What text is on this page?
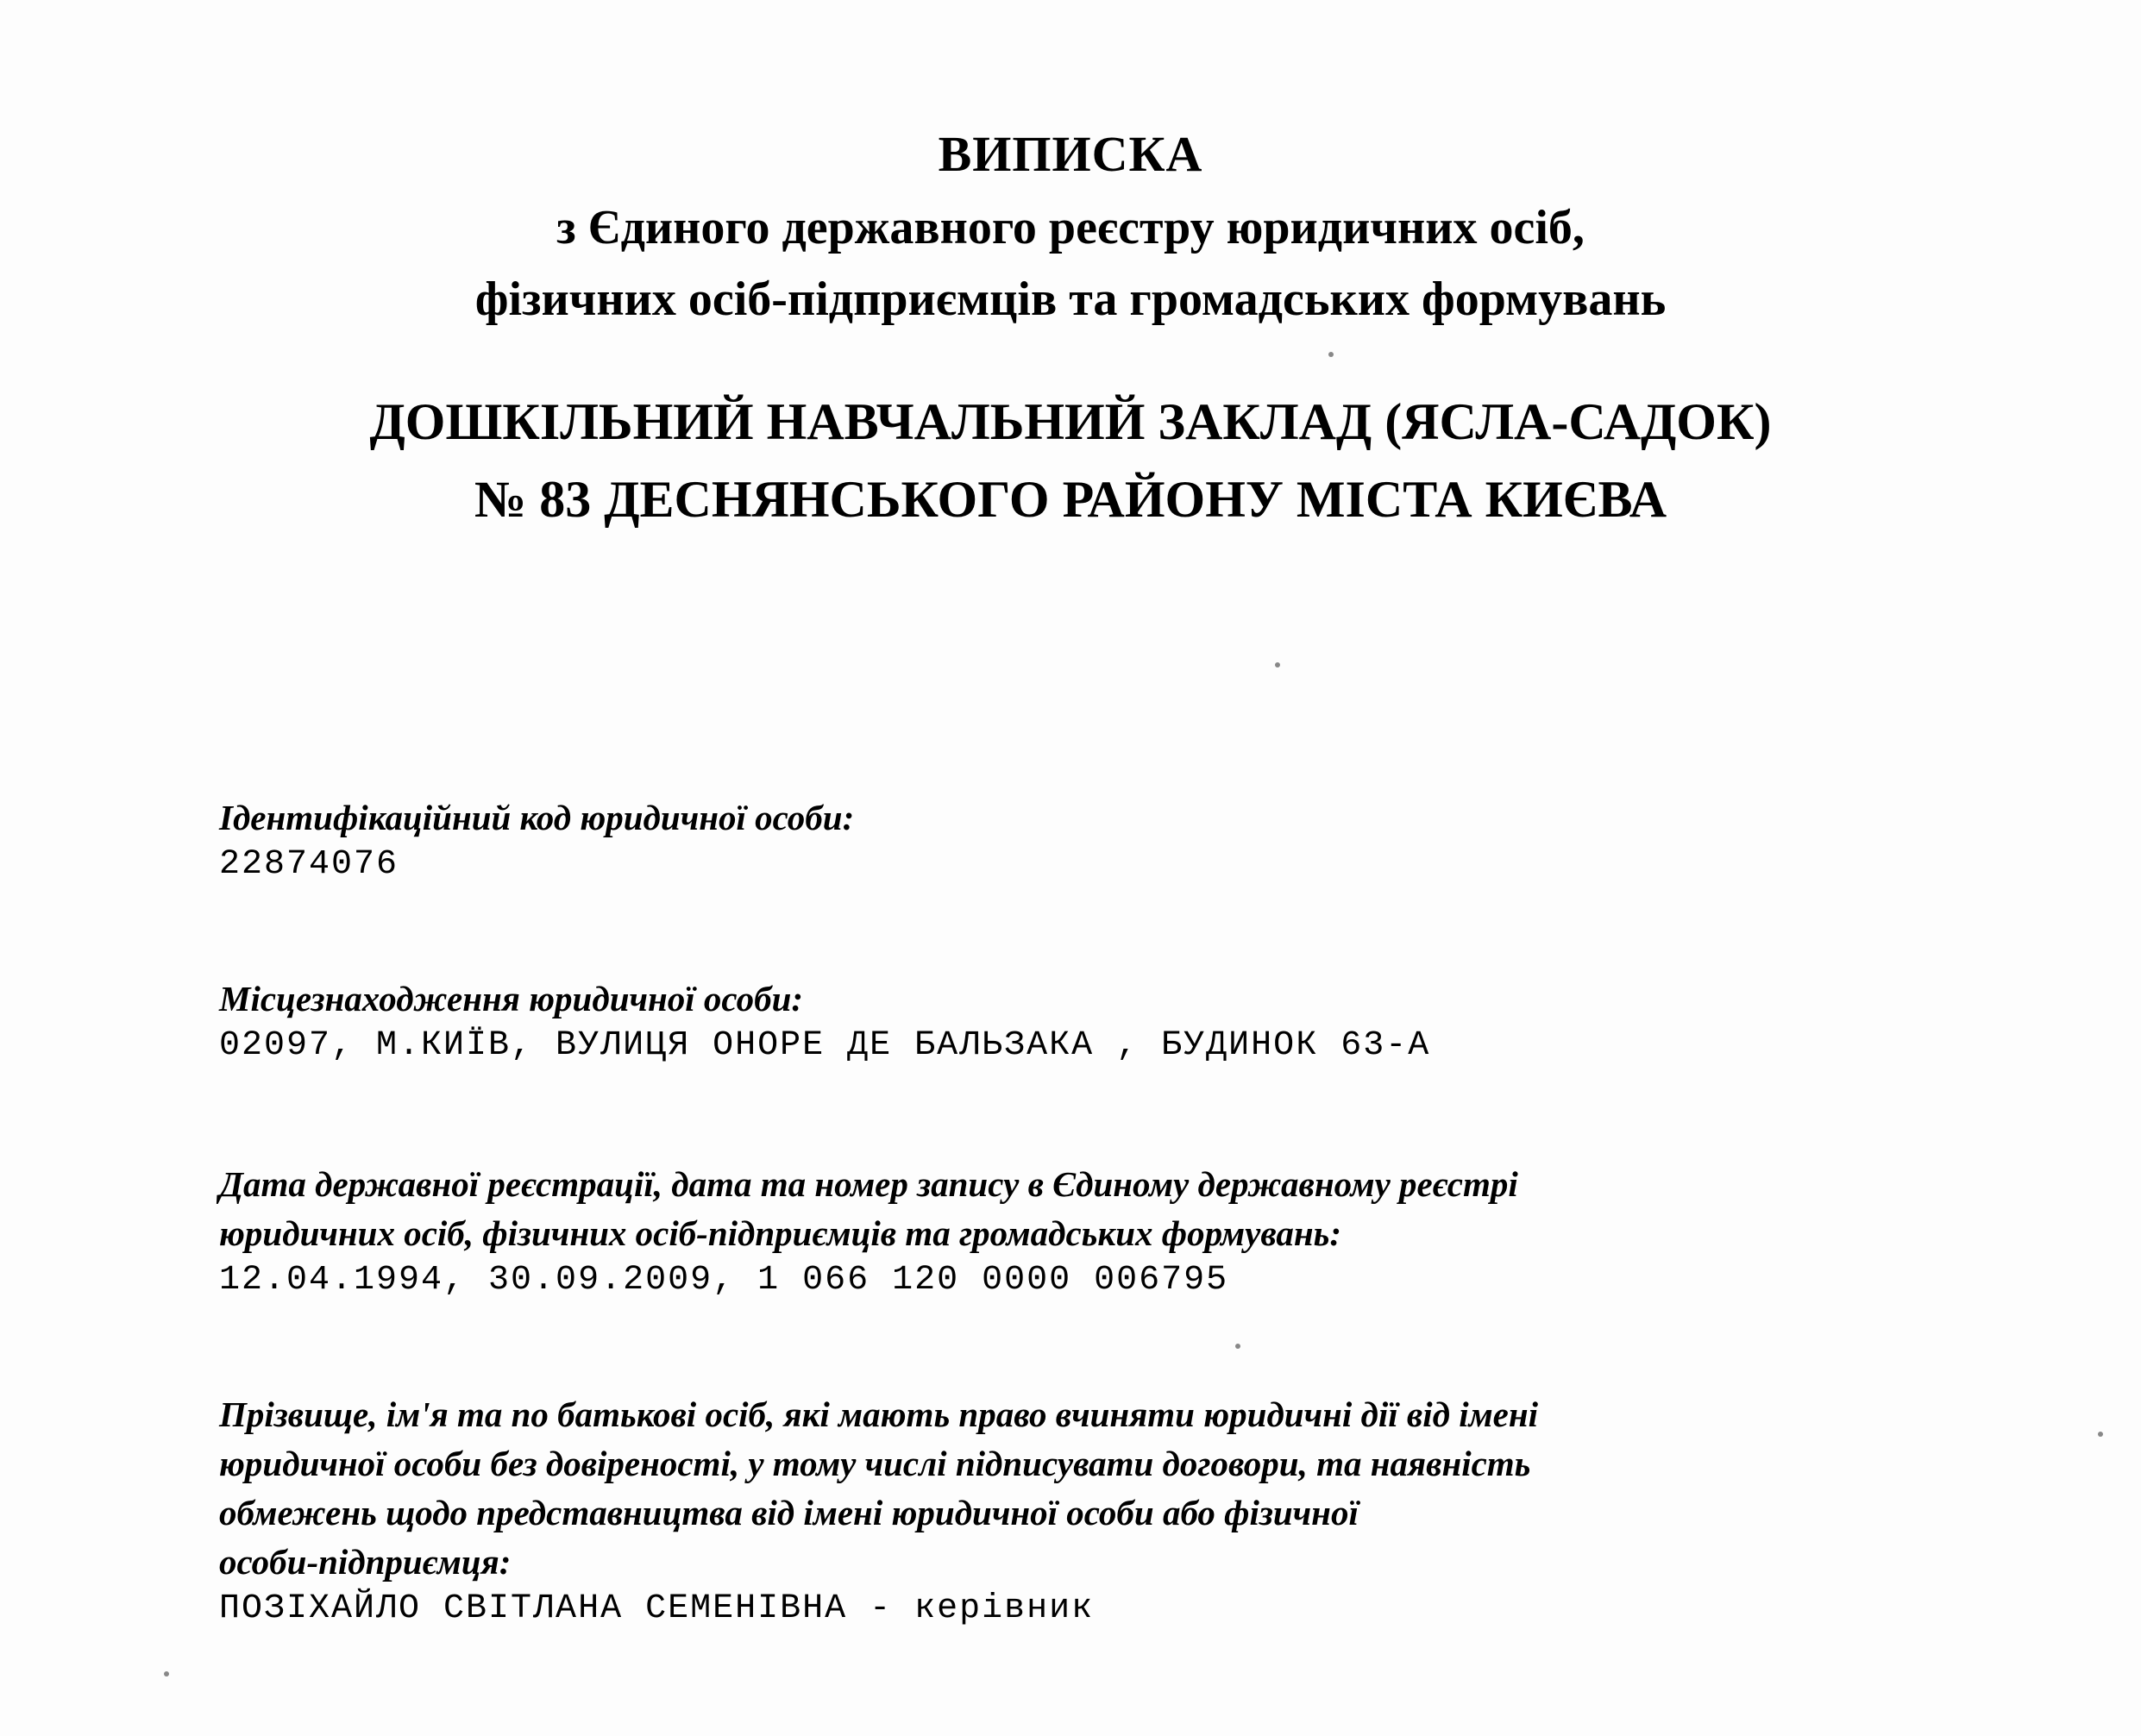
ВИПИСКА
з Єдиного державного реєстру юридичних осіб,
фізичних осіб-підприємців та громадських формувань
ДОШКІЛЬНИЙ НАВЧАЛЬНИЙ ЗАКЛАД (ЯСЛА-САДОК)
№ 83 ДЕСНЯНСЬКОГО РАЙОНУ МІСТА КИЄВА

Ідентифікаційний код юридичної особи:

22874076

Місцезнаходження юридичної особи:

02097, М.КИЇВ, ВУЛИЦЯ ОНОРЕ ДЕ БАЛЬЗАКА , БУДИНОК 63-А

Дата державної реєстрації, дата та номер запису в Єдиному державному реєстрі

юридичних осіб, фізичних осіб-підприємців та громадських формувань:

12.04.1994, 30.09.2009, 1 066 120 0000 006795

Прізвище, ім'я та по батькові осіб, які мають право вчиняти юридичні дії від імені

юридичної особи без довіреності, у тому числі підписувати договори, та наявність

обмежень щодо представництва від імені юридичної особи або фізичної

особи-підприємця:

ПОЗІХАЙЛО СВІТЛАНА СЕМЕНІВНА - керівник
